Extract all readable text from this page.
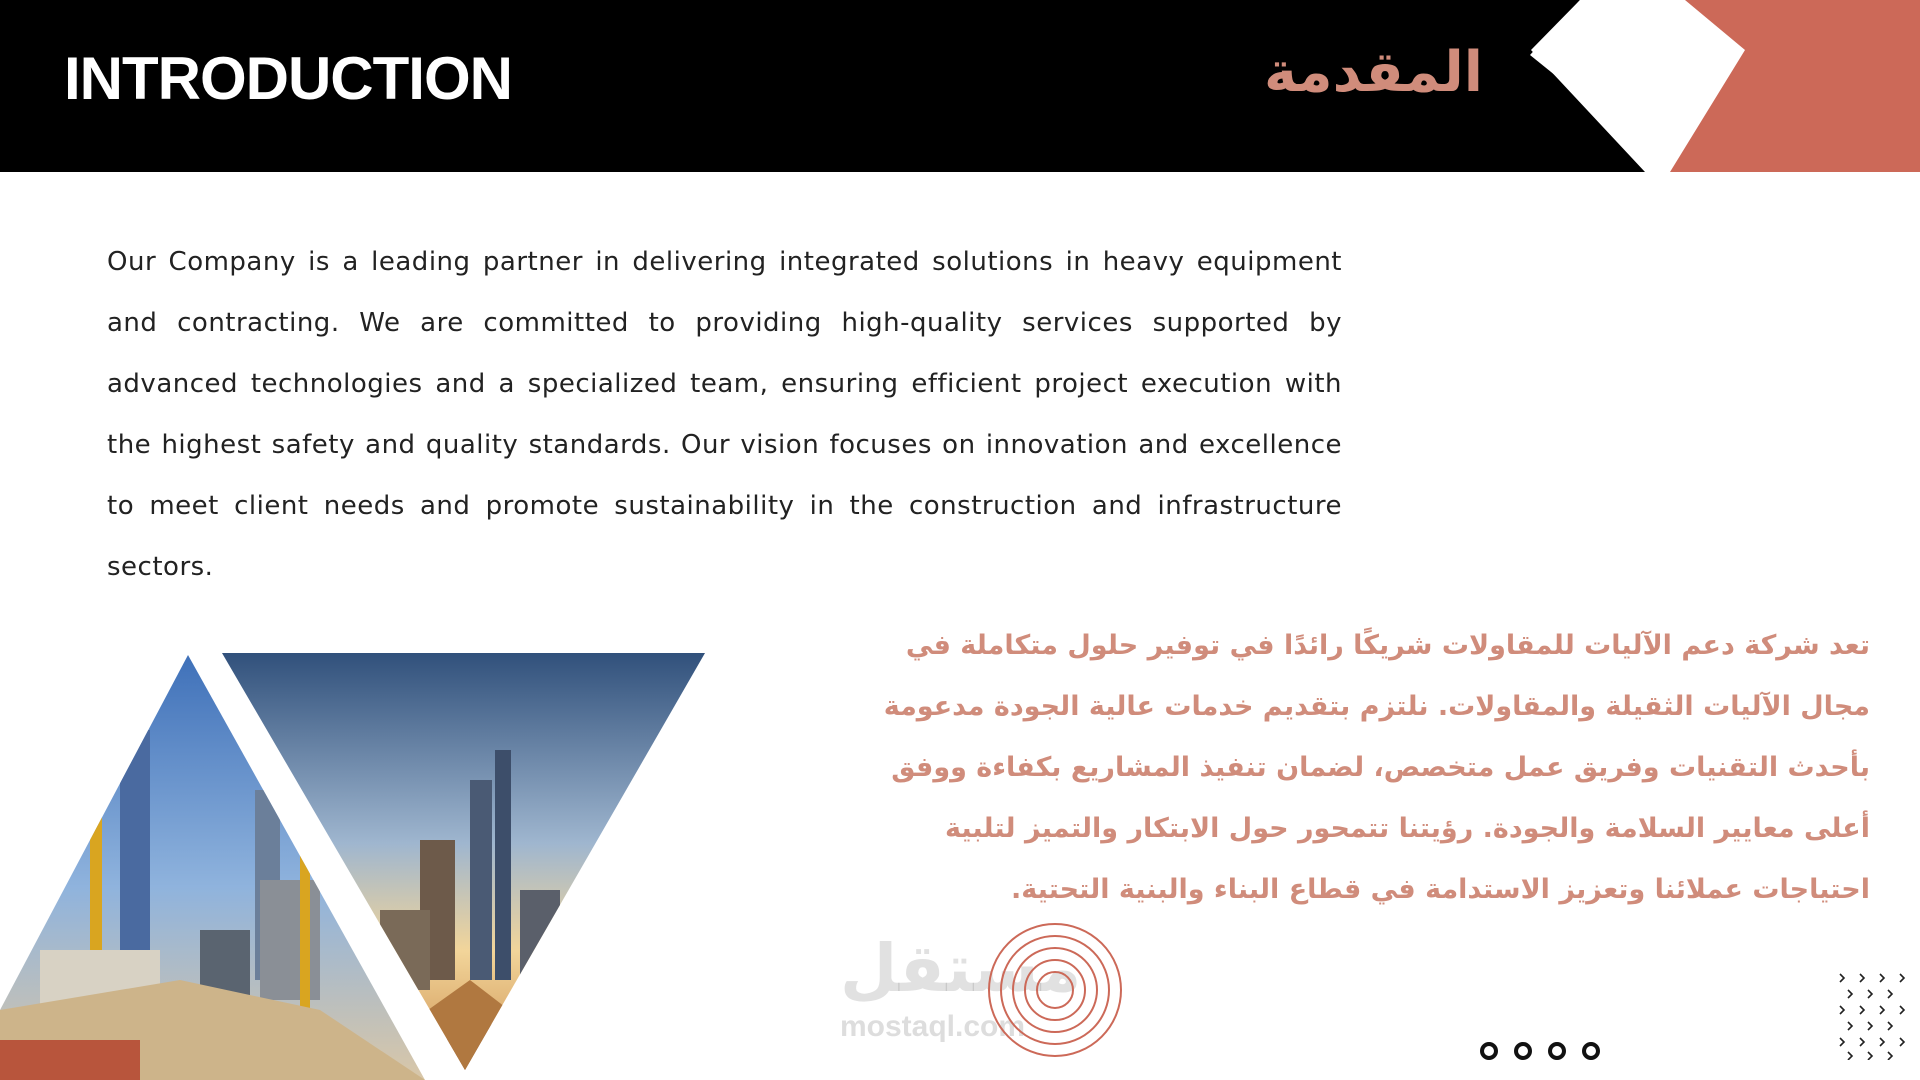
INTRODUCTION	المقدمة

Our Company is a leading partner in delivering integrated solutions in heavy equipment and contracting. We are committed to providing high-quality services supported by advanced technologies and a specialized team, ensuring efficient project execution with the highest safety and quality standards. Our vision focuses on innovation and excellence to meet client needs and promote sustainability in the construction and infrastructure sectors.

تعد شركة دعم الآليات للمقاولات شريكًا رائدًا في توفير حلول متكاملة في مجال الآليات الثقيلة والمقاولات. نلتزم بتقديم خدمات عالية الجودة مدعومة بأحدث التقنيات وفريق عمل متخصص، لضمان تنفيذ المشاريع بكفاءة ووفق أعلى معايير السلامة والجودة. رؤيتنا تتمحور حول الابتكار والتميز لتلبية احتياجات عملائنا وتعزيز الاستدامة في قطاع البناء والبنية التحتية.

مستقل
mostaql.com
